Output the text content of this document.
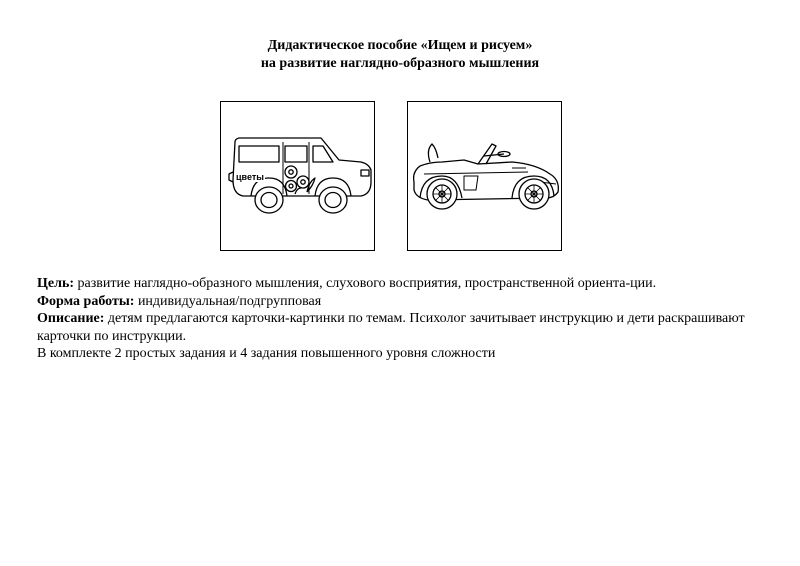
Дидактическое пособие «Ищем и рисуем»
на развитие наглядно-образного мышления
цветы

Цель: развитие наглядно-образного мышления, слухового восприятия, пространственной ориента-ции.

Форма работы: индивидуальная/подгрупповая

Описание: детям предлагаются карточки-картинки по темам. Психолог зачитывает инструкцию и дети раскрашивают карточки по инструкции.

В комплекте 2 простых задания и 4 задания повышенного уровня сложности
